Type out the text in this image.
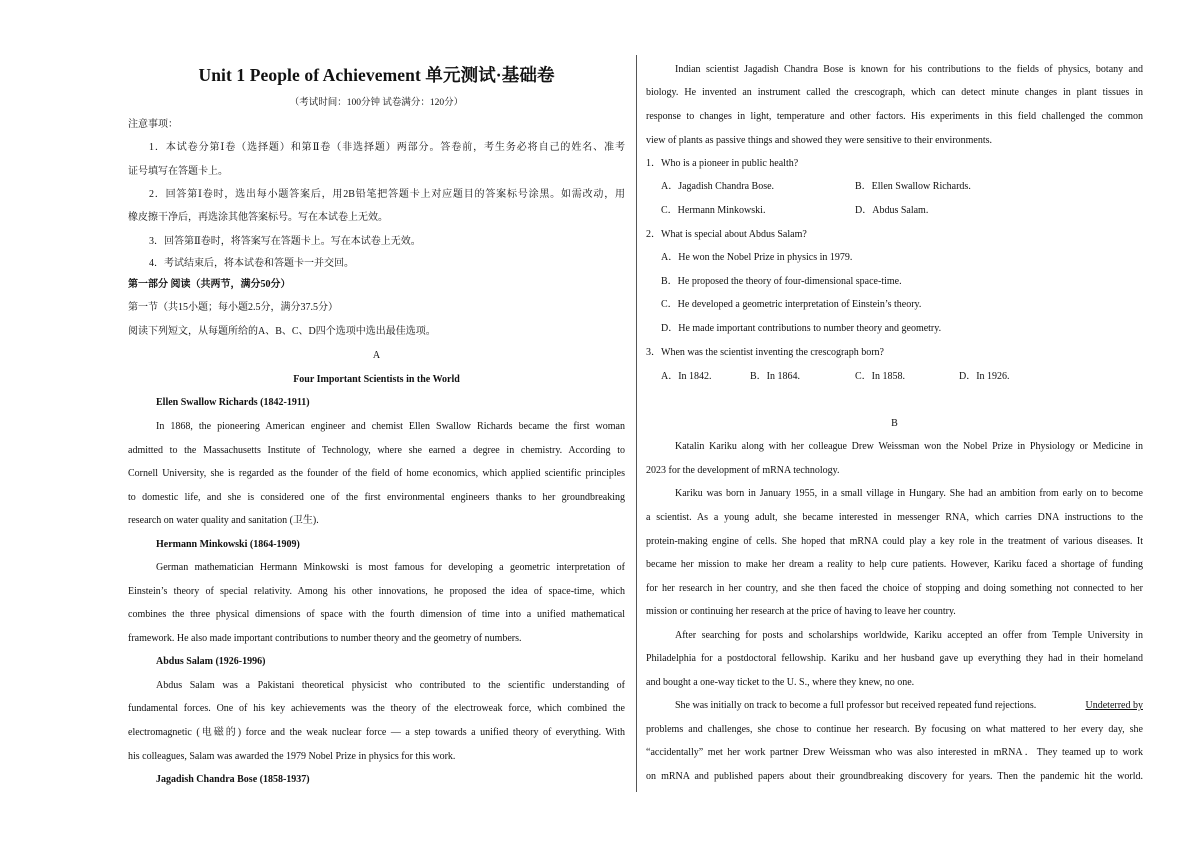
Unit 1 People of Achievement 单元测试·基础卷
（考试时间：100分钟 试卷满分：120分）
注意事项：
1．本试卷分第Ⅰ卷（选择题）和第Ⅱ卷（非选择题）两部分。答卷前，考生务必将自己的姓名、准考
证号填写在答题卡上。
2．回答第Ⅰ卷时，选出每小题答案后，用2B铅笔把答题卡上对应题目的答案标号涂黑。如需改动，用
橡皮擦干净后，再选涂其他答案标号。写在本试卷上无效。
3．回答第Ⅱ卷时，将答案写在答题卡上。写在本试卷上无效。
4．考试结束后，将本试卷和答题卡一并交回。
第一部分 阅读（共两节，满分50分）
第一节（共15小题；每小题2.5分，满分37.5分）
阅读下列短文，从每题所给的A、B、C、D四个选项中选出最佳选项。
A
Four Important Scientists in the World
Ellen Swallow Richards (1842-1911)
In 1868, the pioneering American engineer and chemist Ellen Swallow Richards became the first woman
admitted to the Massachusetts Institute of Technology, where she earned a degree in chemistry. According to
Cornell University, she is regarded as the founder of the field of home economics, which applied scientific principles
to domestic life, and she is considered one of the first environmental engineers thanks to her groundbreaking
research on water quality and sanitation (卫生).
Hermann Minkowski (1864-1909)
German mathematician Hermann Minkowski is most famous for developing a geometric interpretation of
Einstein’s theory of special relativity. Among his other innovations, he proposed the idea of space-time, which
combines the three physical dimensions of space with the fourth dimension of time into a unified mathematical
framework. He also made important contributions to number theory and the geometry of numbers.
Abdus Salam (1926-1996)
Abdus Salam was a Pakistani theoretical physicist who contributed to the scientific understanding of
fundamental forces. One of his key achievements was the theory of the electroweak force, which combined the
electromagnetic (电磁的) force and the weak nuclear force — a step towards a unified theory of everything. With
his colleagues, Salam was awarded the 1979 Nobel Prize in physics for this work.
Jagadish Chandra Bose (1858-1937)
Indian scientist Jagadish Chandra Bose is known for his contributions to the fields of physics, botany and
biology. He invented an instrument called the crescograph, which can detect minute changes in plant tissues in
response to changes in light, temperature and other factors. His experiments in this field challenged the common
view of plants as passive things and showed they were sensitive to their environments.
1．Who is a pioneer in public health?
A．Jagadish Chandra Bose.	B．Ellen Swallow Richards.
C．Hermann Minkowski.	D．Abdus Salam.
2．What is special about Abdus Salam?
A．He won the Nobel Prize in physics in 1979.
B．He proposed the theory of four-dimensional space-time.
C．He developed a geometric interpretation of Einstein’s theory.
D．He made important contributions to number theory and geometry.
3．When was the scientist inventing the crescograph born?
A．In 1842.	B．In 1864.	C．In 1858.	D．In 1926.
B
Katalin Kariku along with her colleague Drew Weissman won the Nobel Prize in Physiology or Medicine in
2023 for the development of mRNA technology.
Kariku was born in January 1955, in a small village in Hungary. She had an ambition from early on to become
a scientist. As a young adult, she became interested in messenger RNA, which carries DNA instructions to the
protein-making engine of cells. She hoped that mRNA could play a key role in the treatment of various diseases. It
became her mission to make her dream a reality to help cure patients. However, Kariku faced a shortage of funding
for her research in her country, and she then faced the choice of stopping and doing something not connected to her
mission or continuing her research at the price of having to leave her country.
After searching for posts and scholarships worldwide, Kariku accepted an offer from Temple University in
Philadelphia for a postdoctoral fellowship. Kariku and her husband gave up everything they had in their homeland
and bought a one-way ticket to the U. S., where they knew, no one.
She was initially on track to become a full professor but received repeated fund rejections.	Undeterred by
problems and challenges, she chose to continue her research. By focusing on what mattered to her every day, she
“accidentally” met her work partner Drew Weissman who was also interested in mRNA．They teamed up to work
on mRNA and published papers about their groundbreaking discovery for years. Then the pandemic hit the world.
